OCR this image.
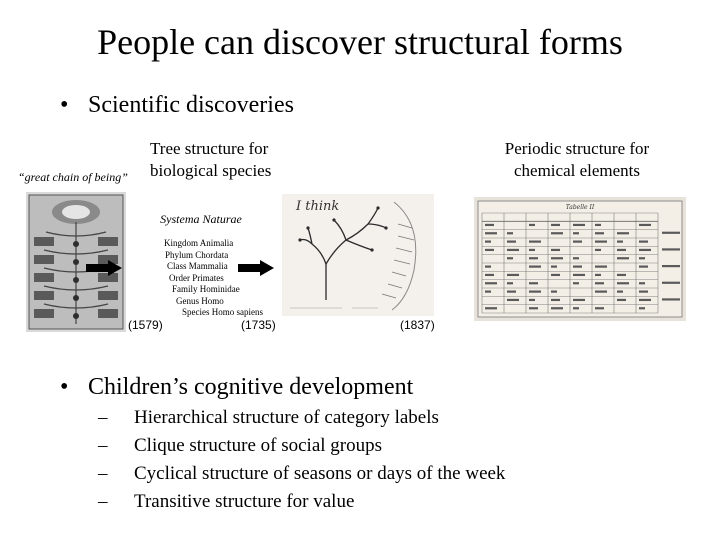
People can discover structural forms
• Scientific discoveries
“great chain of being”
Tree structure for biological species
Periodic structure for chemical elements
Systema Naturae
Kingdom Animalia
Phylum Chordata
Class Mammalia
Order Primates
Family Hominidae
Genus Homo
Species Homo sapiens
I think	Tabelle II
(1579)	(1735)	(1837)
• Children’s cognitive development
– Hierarchical structure of category labels
– Clique structure of social groups
– Cyclical structure of seasons or days of the week
– Transitive structure for value
